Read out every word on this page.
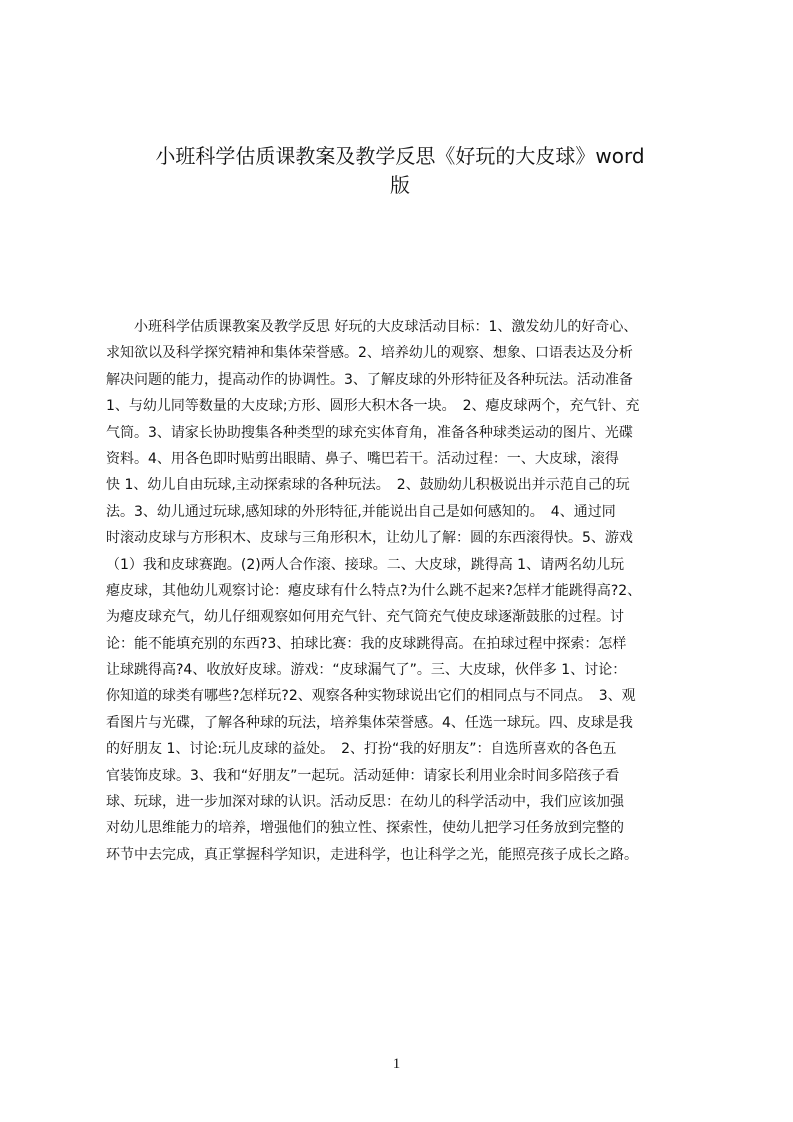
小班科学估质课教案及教学反思《好玩的大皮球》word
版
　　小班科学估质课教案及教学反思 好玩的大皮球活动目标：1、激发幼儿的好奇心、
求知欲以及科学探究精神和集体荣誉感。2、培养幼儿的观察、想象、口语表达及分析
解决问题的能力，提高动作的协调性。3、了解皮球的外形特征及各种玩法。活动准备
1、与幼儿同等数量的大皮球;方形、圆形大积木各一块。　2、瘪皮球两个，充气针、充
气筒。3、请家长协助搜集各种类型的球充实体育角，准备各种球类运动的图片、光碟
资料。4、用各色即时贴剪出眼睛、鼻子、嘴巴若干。活动过程：一、大皮球，滚得
快 1、幼儿自由玩球,主动探索球的各种玩法。　2、鼓励幼儿积极说出并示范自己的玩
法。3、幼儿通过玩球,感知球的外形特征,并能说出自己是如何感知的。　4、通过同
时滚动皮球与方形积木、皮球与三角形积木，让幼儿了解：圆的东西滚得快。5、游戏
（1）我和皮球赛跑。(2)两人合作滚、接球。二、大皮球，跳得高 1、请两名幼儿玩
瘪皮球，其他幼儿观察讨论：瘪皮球有什么特点?为什么跳不起来?怎样才能跳得高?2、
为瘪皮球充气，幼儿仔细观察如何用充气针、充气筒充气使皮球逐渐鼓胀的过程。讨
论：能不能填充别的东西?3、拍球比赛：我的皮球跳得高。在拍球过程中探索：怎样
让球跳得高?4、收放好皮球。游戏：“皮球漏气了”。三、大皮球，伙伴多 1、讨论：
你知道的球类有哪些?怎样玩?2、观察各种实物球说出它们的相同点与不同点。　3、观
看图片与光碟，了解各种球的玩法，培养集体荣誉感。4、任选一球玩。四、皮球是我
的好朋友 1、讨论:玩儿皮球的益处。　2、打扮“我的好朋友”：自选所喜欢的各色五
官装饰皮球。3、我和“好朋友”一起玩。活动延伸：请家长利用业余时间多陪孩子看
球、玩球，进一步加深对球的认识。活动反思：在幼儿的科学活动中，我们应该加强
对幼儿思维能力的培养，增强他们的独立性、探索性，使幼儿把学习任务放到完整的
环节中去完成，真正掌握科学知识，走进科学，也让科学之光，能照亮孩子成长之路。
1
